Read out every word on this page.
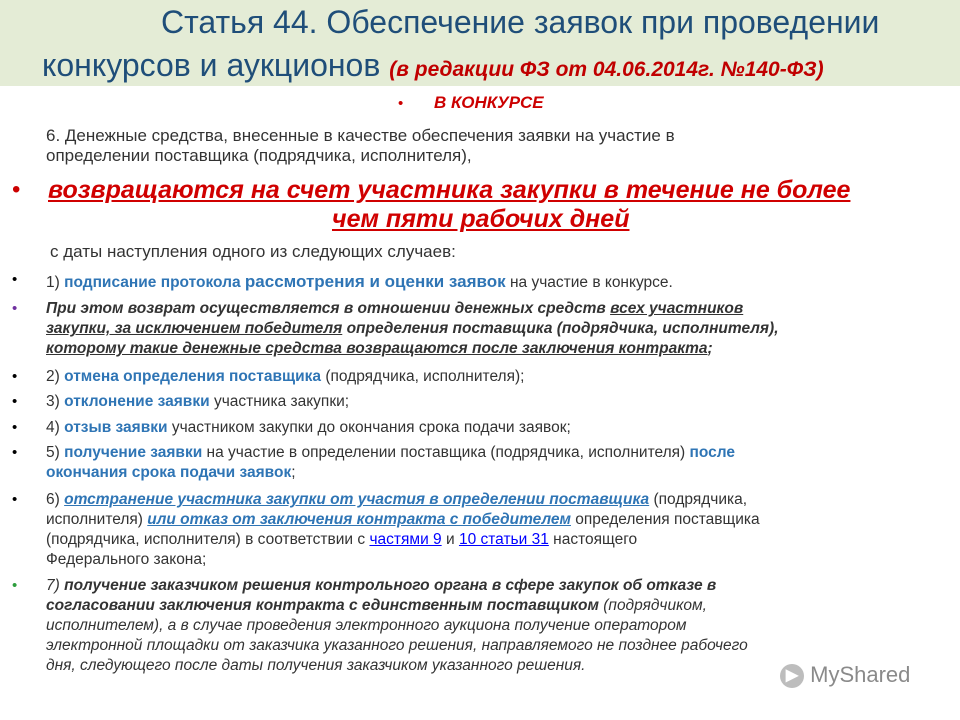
Статья 44. Обеспечение заявок при проведении
конкурсов и аукционов (в редакции ФЗ от 04.06.2014г. №140-ФЗ)
• В КОНКУРСЕ
6. Денежные средства, внесенные в качестве обеспечения заявки на участие в
определении поставщика (подрядчика, исполнителя),
• возвращаются на счет участника закупки в течение не более
чем пяти рабочих дней
с даты наступления одного из следующих случаев:
• 1) подписание протокола рассмотрения и оценки заявок на участие в конкурсе.
• При этом возврат осуществляется в отношении денежных средств всех участников
закупки, за исключением победителя определения поставщика (подрядчика, исполнителя),
которому такие денежные средства возвращаются после заключения контракта;
• 2) отмена определения поставщика (подрядчика, исполнителя);
• 3) отклонение заявки участника закупки;
• 4) отзыв заявки участником закупки до окончания срока подачи заявок;
• 5) получение заявки на участие в определении поставщика (подрядчика, исполнителя) после
окончания срока подачи заявок;
• 6) отстранение участника закупки от участия в определении поставщика (подрядчика,
исполнителя) или отказ от заключения контракта с победителем определения поставщика
(подрядчика, исполнителя) в соответствии с частями 9 и 10 статьи 31 настоящего
Федерального закона;
• 7) получение заказчиком решения контрольного органа в сфере закупок об отказе в
согласовании заключения контракта с единственным поставщиком (подрядчиком,
исполнителем), а в случае проведения электронного аукциона получение оператором
электронной площадки от заказчика указанного решения, направляемого не позднее рабочего
дня, следующего после даты получения заказчиком указанного решения.
▶ MyShared
